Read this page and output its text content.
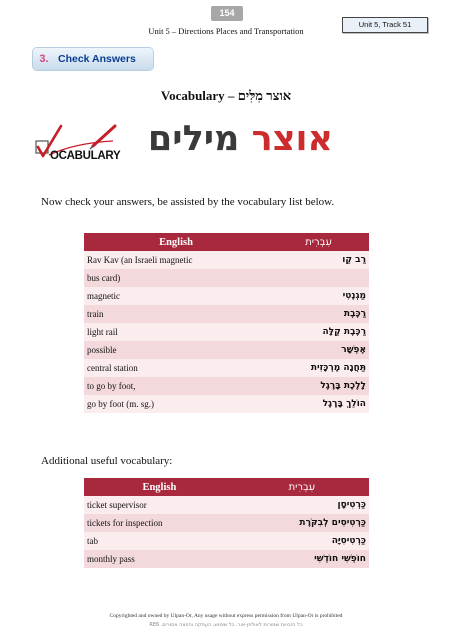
154
Unit 5 – Directions Places and Transportation
Unit 5, Track 51
3. Check Answers
Vocabulary – אוצר מִלִּים
OCABULARY	אוצר מילים
Now check your answers, be assisted by the vocabulary list below.
English	עִבְרִית
Rav Kav (an Israeli magnetic	רַב קַו
bus card)	
magnetic	מַגְנֶטִי
train	רַכֶּבֶת
light rail	רַכֶּבֶת קַלָּה
possible	אֶפְשָׁר
central station	תַּחֲנָה מֶרְכָּזִית
to go by foot,	לָלֶכֶת בָּרֶגֶל
go by foot (m. sg.)	הוֹלֵךְ בָּרֶגֶל
Additional useful vocabulary:
English	עִבְרִית
ticket supervisor	כַּרְטִיסָן
tickets for inspection	כַּרְטִיסִים לְבִקֹּרֶת
tab	כַּרְטִיסִיָּה
monthly pass	חוֹפְשִׁי חוֹדְשִׁי
Copyrighted and owned by Ulpan-Or, Any usage without express permission from Ulpan-Or is prohibited
כל הזכויות שמורות לאולפן-אור. כל שימוש, העתקה והפצה אסורים. RE6
